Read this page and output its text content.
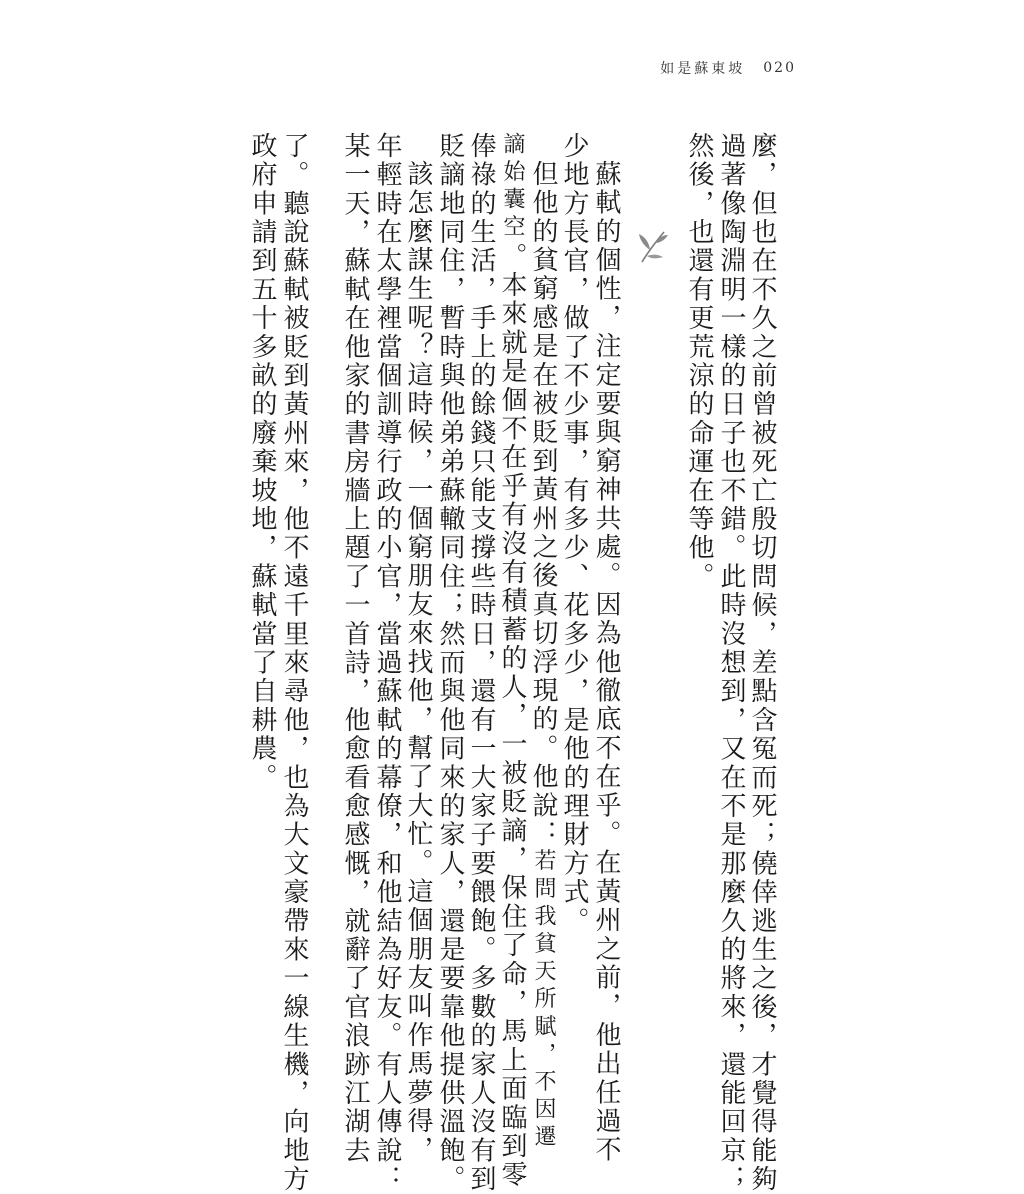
如是蘇東坡 020
麼，但也在不久之前曾被死亡殷切問候，差點含冤而死；僥倖逃生之後，才覺得能夠
過著像陶淵明一樣的日子也不錯。此時沒想到，又在不是那麼久的將來，還能回京；
然後，也還有更荒涼的命運在等他。
蘇軾的個性，注定要與窮神共處。因為他徹底不在乎。在黃州之前，他出任過不
少地方長官，做了不少事，有多少、花多少，是他的理財方式。
但他的貧窮感是在被貶到黃州之後真切浮現的。他說：若問我貧天所賦，不因遷
謫始囊空。本來就是個不在乎有沒有積蓄的人，一被貶謫，保住了命，馬上面臨到零
俸祿的生活，手上的餘錢只能支撐些時日，還有一大家子要餵飽。多數的家人沒有到
貶謫地同住，暫時與他弟弟蘇轍同住；然而與他同來的家人，還是要靠他提供溫飽。
該怎麼謀生呢？這時候，一個窮朋友來找他，幫了大忙。這個朋友叫作馬夢得，
年輕時在太學裡當個訓導行政的小官，當過蘇軾的幕僚，和他結為好友。有人傳說：
某一天，蘇軾在他家的書房牆上題了一首詩，他愈看愈感慨，就辭了官浪跡江湖去
了。聽說蘇軾被貶到黃州來，他不遠千里來尋他，也為大文豪帶來一線生機，向地方
政府申請到五十多畝的廢棄坡地，蘇軾當了自耕農。
